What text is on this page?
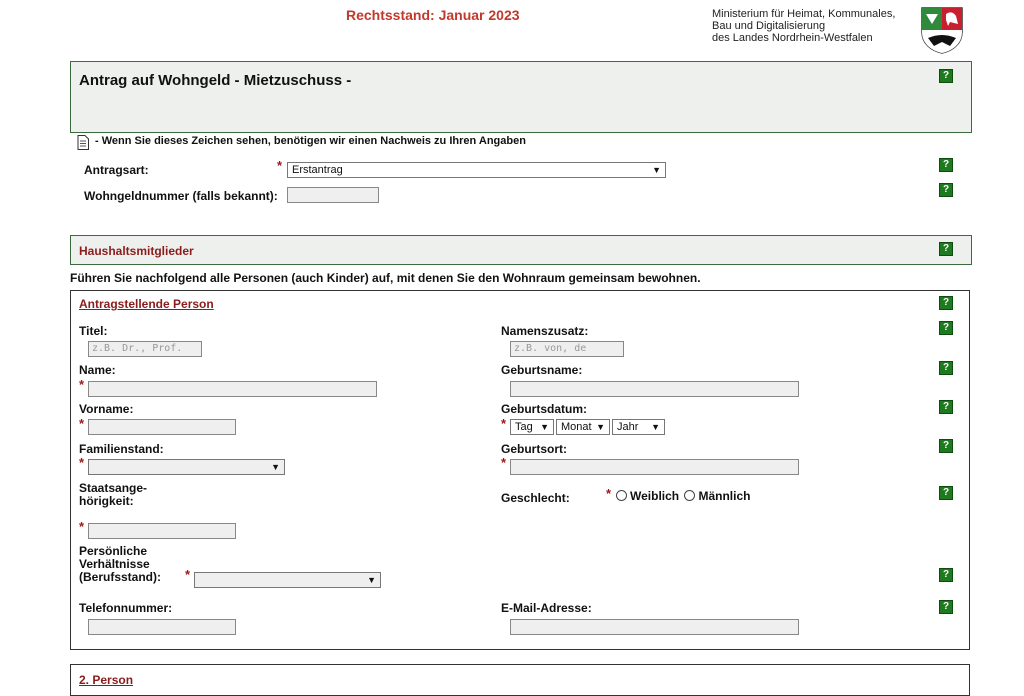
Rechtsstand: Januar 2023	Ministerium für Heimat, Kommunales,
Bau und Digitalisierung
des Landes Nordrhein-Westfalen
Antrag auf Wohngeld - Mietzuschuss -	?
- Wenn Sie dieses Zeichen sehen, benötigen wir einen Nachweis zu Ihren Angaben
Antragsart:	* Erstantrag	▼	?
Wohngeldnummer (falls bekannt):	?
Haushaltsmitglieder	?
Führen Sie nachfolgend alle Personen (auch Kinder) auf, mit denen Sie den Wohnraum gemeinsam bewohnen.
Antragstellende Person	?
Titel:
z.B. Dr., Prof.
Namenszusatz:
z.B. von, de
?
Name:
*
Geburtsname:	?
Vorname:
*
Geburtsdatum:
* Tag ▼	Monat ▼	Jahr ▼
?
Familienstand:
*	▼
Geburtsort:
*
?
Staatsange-
hörigkeit:
*
Geschlecht:	*	Weiblich Männlich	?
Persönliche
Verhältnisse
(Berufsstand): *	▼	?
Telefonnummer:	E-Mail-Adresse:	?
2. Person
